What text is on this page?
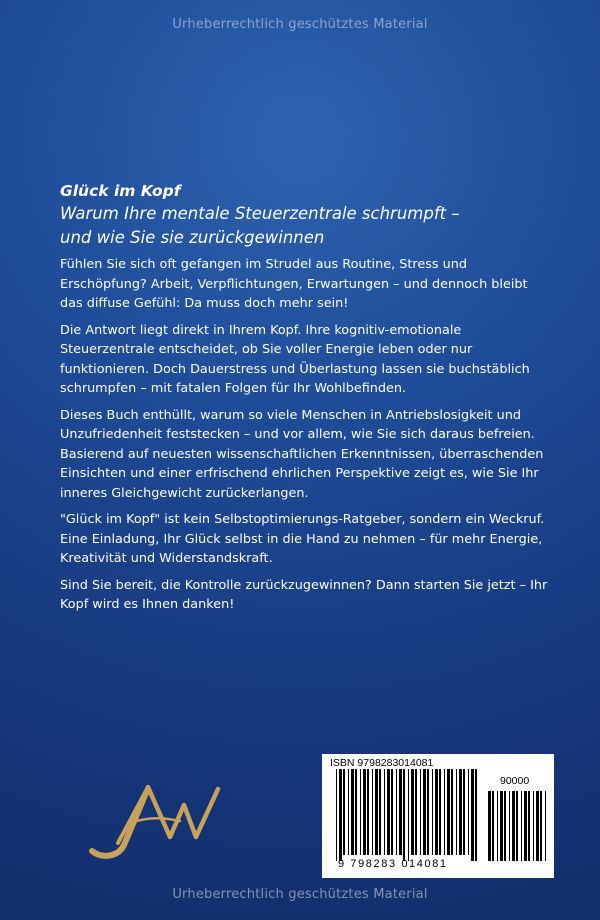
Urheberrechtlich geschütztes Material

Glück im Kopf

Warum Ihre mentale Steuerzentrale schrumpft –
und wie Sie sie zurückgewinnen

Fühlen Sie sich oft gefangen im Strudel aus Routine, Stress und Erschöpfung? Arbeit, Verpflichtungen, Erwartungen – und dennoch bleibt das diffuse Gefühl: Da muss doch mehr sein!

Die Antwort liegt direkt in Ihrem Kopf. Ihre kognitiv-emotionale Steuerzentrale entscheidet, ob Sie voller Energie leben oder nur funktionieren. Doch Dauerstress und Überlastung lassen sie buchstäblich schrumpfen – mit fatalen Folgen für Ihr Wohlbefinden.

Dieses Buch enthüllt, warum so viele Menschen in Antriebslosigkeit und Unzufriedenheit feststecken – und vor allem, wie Sie sich daraus befreien. Basierend auf neuesten wissenschaftlichen Erkenntnissen, überraschenden Einsichten und einer erfrischend ehrlichen Perspektive zeigt es, wie Sie Ihr inneres Gleichgewicht zurückerlangen.

"Glück im Kopf" ist kein Selbstoptimierungs-Ratgeber, sondern ein Weckruf. Eine Einladung, Ihr Glück selbst in die Hand zu nehmen – für mehr Energie, Kreativität und Widerstandskraft.

Sind Sie bereit, die Kontrolle zurückzugewinnen? Dann starten Sie jetzt – Ihr Kopf wird es Ihnen danken!

ISBN 9798283014081
90000
9 798283 014081
Urheberrechtlich geschütztes Material
